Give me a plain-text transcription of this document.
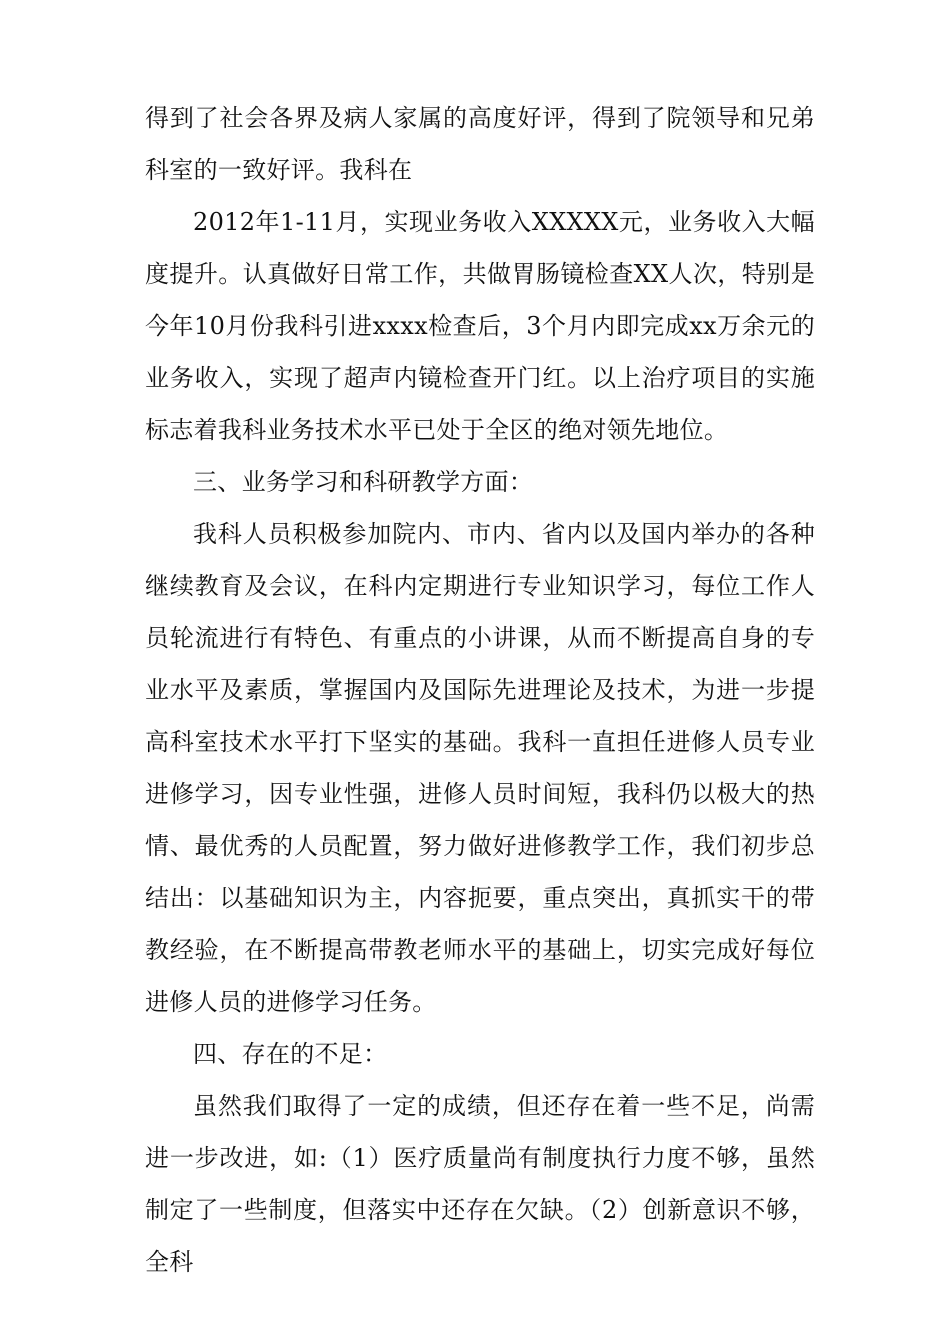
得到了社会各界及病人家属的高度好评，得到了院领导和兄弟科室的一致好评。我科在

2012年1-11月，实现业务收入XXXXX元，业务收入大幅度提升。认真做好日常工作，共做胃肠镜检查XX人次，特别是今年10月份我科引进xxxx检查后，3个月内即完成xx万余元的业务收入，实现了超声内镜检查开门红。以上治疗项目的实施标志着我科业务技术水平已处于全区的绝对领先地位。

三、业务学习和科研教学方面：

我科人员积极参加院内、市内、省内以及国内举办的各种继续教育及会议，在科内定期进行专业知识学习，每位工作人员轮流进行有特色、有重点的小讲课，从而不断提高自身的专业水平及素质，掌握国内及国际先进理论及技术，为进一步提高科室技术水平打下坚实的基础。我科一直担任进修人员专业进修学习，因专业性强，进修人员时间短，我科仍以极大的热情、最优秀的人员配置，努力做好进修教学工作，我们初步总结出：以基础知识为主，内容扼要，重点突出，真抓实干的带教经验，在不断提高带教老师水平的基础上，切实完成好每位进修人员的进修学习任务。

四、存在的不足：

虽然我们取得了一定的成绩，但还存在着一些不足，尚需进一步改进，如:（1）医疗质量尚有制度执行力度不够，虽然制定了一些制度，但落实中还存在欠缺。（2）创新意识不够，全科
